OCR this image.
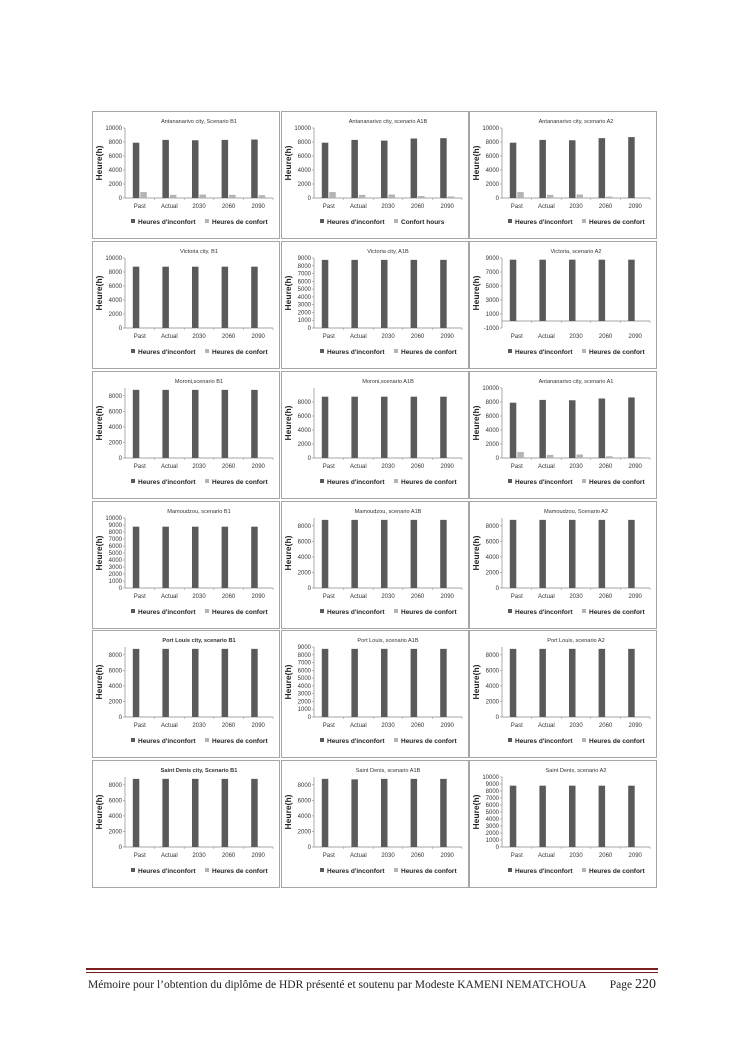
Antananarivo city, Scenario B1
Heure(h)
0
2000
4000
6000
8000
10000
Past	Actual 2030	2060	2090
Heures d'inconfort	Heures de confort
Antananarivo city, scenario A1B
Heure(h)
0
2000
4000
6000
8000
10000
Past	Actual 2030	2060	2090
Heures d'inconfort	Confort hours
Antananarivo city, scenario A2
Heure(h)
0
2000
4000
6000
8000
10000
Past	Actual 2030	2060	2090
Heures d'inconfort	Heures de confort
Victoria city, B1
Heure(h)
0
2000
4000
6000
8000
10000
Past	Actual 2030	2060	2090
Heures d'inconfort	Heures de confort
Victoria city, A1B
Heure(h)
0
1000
2000
3000
4000
5000
6000
7000
8000
9000
Past	Actual 2030	2060	2090
Heures d'inconfort	Heures de confort
Victoria, scenario A2
Heure(h)
-1000
1000
3000
5000
7000
9000
Past	Actual 2030	2060	2090
Heures d'inconfort	Heures de confort
Moroni,scenario B1
Heure(h)
0
2000
4000
6000
8000
Past	Actual 2030	2060	2090
Heures d'inconfort	Heures de confort
Moroni,scenario A1B
Heure(h)
0
2000
4000
6000
8000
Past	Actual 2030	2060	2090
Heures d'inconfort	Heures de confort
Antananarivo city, scenario A1
Heure(h)
0
2000
4000
6000
8000
10000
Past	Actual 2030	2060	2090
Heures d'inconfort	Heures de confort
Mamoudzou, scenario B1
Heure(h)
0
1000
2000
3000
4000
5000
6000
7000
8000
9000
10000
Past	Actual 2030	2060	2090
Heures d'inconfort	Heures de confort
Mamoudzou, scenario A1B
Heure(h)
0
2000
4000
6000
8000
Past	Actual 2030	2060	2090
Heures d'inconfort	Heures de confort
Mamoudzou, Scenario A2
Heure(h)
0
2000
4000
6000
8000
Past	Actual 2030	2060	2090
Heures d'inconfort	Heures de confort
Port Louis city, scenario B1
Heure(h)
0
2000
4000
6000
8000
Past	Actual 2030	2060	2090
Heures d'inconfort	Heures de confort
Port Louis, scenario A1B
Heure(h)
0
1000
2000
3000
4000
5000
6000
7000
8000
9000
Past	Actual 2030	2060	2090
Heures d'inconfort	Heures de confort
Port Louis, scenario A2
Heure(h)
0
2000
4000
6000
8000
Past	Actual 2030	2060	2090
Heures d'inconfort	Heures de confort
Saint Denis city, Scenario B1
Heure(h)
0
2000
4000
6000
8000
Past	Actual 2030	2060	2090
Heures d'inconfort	Heures de confort
Saint Denis, scenario A1B
Heure(h)
0
2000
4000
6000
8000
Past	Actual 2030	2060	2090
Heures d'inconfort	Heures de confort
Saint Denis, scenario A2
Heure(h)
0
1000
2000
3000
4000
5000
6000
7000
8000
9000
10000
Past	Actual 2030	2060	2090
Heures d'inconfort	Heures de confort
Mémoire pour l’obtention du diplôme de HDR présenté et soutenu par Modeste KAMENI NEMATCHOUA Page 220
